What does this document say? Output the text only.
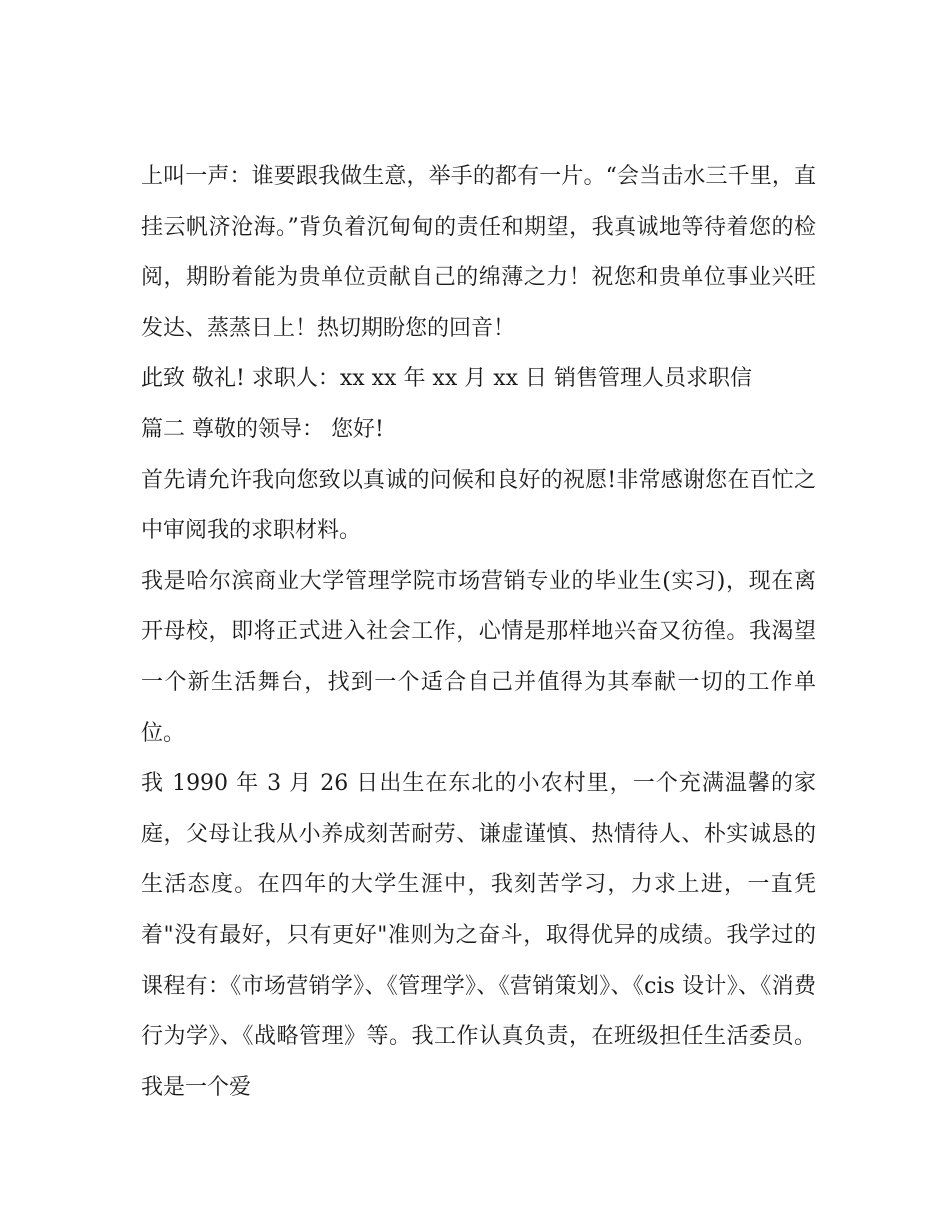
上叫一声：谁要跟我做生意，举手的都有一片。“会当击水三千里，直挂云帆济沧海。”背负着沉甸甸的责任和期望，我真诚地等待着您的检阅，期盼着能为贵单位贡献自己的绵薄之力！祝您和贵单位事业兴旺发达、蒸蒸日上！热切期盼您的回音！

此致 敬礼! 求职人：xx xx 年 xx 月 xx 日 销售管理人员求职信

篇二 尊敬的领导： 您好!

首先请允许我向您致以真诚的问候和良好的祝愿!非常感谢您在百忙之中审阅我的求职材料。

我是哈尔滨商业大学管理学院市场营销专业的毕业生(实习)，现在离开母校，即将正式进入社会工作，心情是那样地兴奋又彷徨。我渴望一个新生活舞台，找到一个适合自己并值得为其奉献一切的工作单位。

我 1990 年 3 月 26 日出生在东北的小农村里，一个充满温馨的家庭，父母让我从小养成刻苦耐劳、谦虚谨慎、热情待人、朴实诚恳的生活态度。在四年的大学生涯中，我刻苦学习，力求上进，一直凭着"没有最好，只有更好"准则为之奋斗，取得优异的成绩。我学过的课程有：《市场营销学》、《管理学》、《营销策划》、《cis 设计》、《消费行为学》、《战略管理》等。我工作认真负责，在班级担任生活委员。我是一个爱
